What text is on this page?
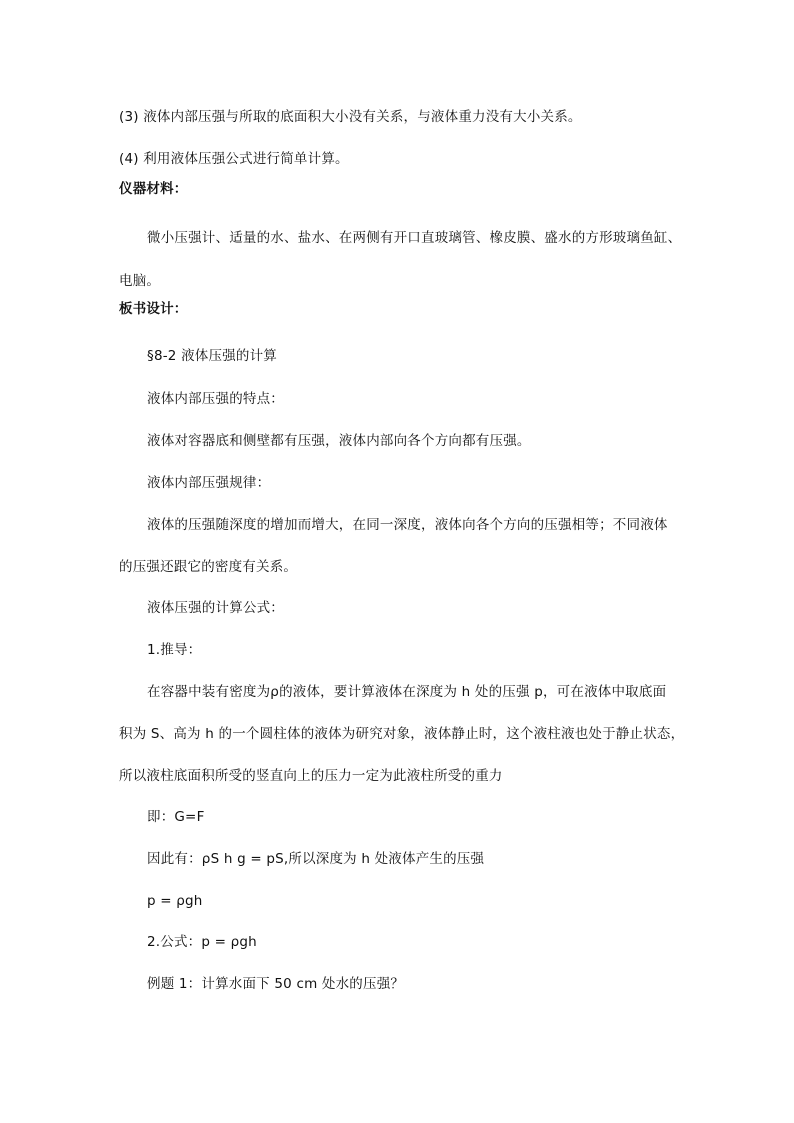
(3) 液体内部压强与所取的底面积大小没有关系，与液体重力没有大小关系。
(4) 利用液体压强公式进行简单计算。
仪器材料：
微小压强计、适量的水、盐水、在两侧有开口直玻璃管、橡皮膜、盛水的方形玻璃鱼缸、
电脑。
板书设计：
§8-2 液体压强的计算
液体内部压强的特点：
液体对容器底和侧壁都有压强，液体内部向各个方向都有压强。
液体内部压强规律：
液体的压强随深度的增加而增大，在同一深度，液体向各个方向的压强相等；不同液体
的压强还跟它的密度有关系。
液体压强的计算公式：
1.推导：
在容器中装有密度为ρ的液体，要计算液体在深度为 h 处的压强 p，可在液体中取底面
积为 S、高为 h 的一个圆柱体的液体为研究对象，液体静止时，这个液柱液也处于静止状态，
所以液柱底面积所受的竖直向上的压力一定为此液柱所受的重力
即：G=F
因此有：ρS h g = pS,所以深度为 h 处液体产生的压强
p = ρgh
2.公式：p = ρgh
例题 1：计算水面下 50 cm 处水的压强？
